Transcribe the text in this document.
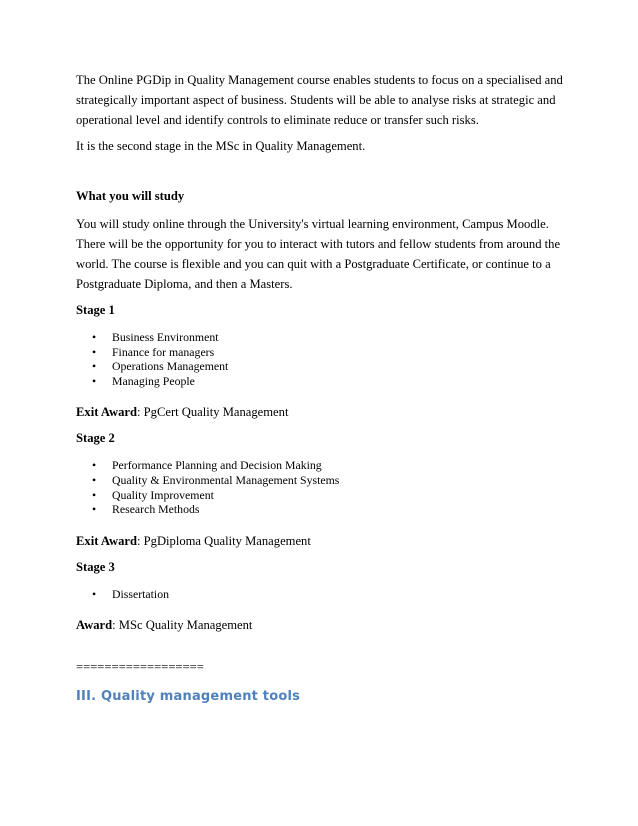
The Online PGDip in Quality Management course enables students to focus on a specialised and
strategically important aspect of business. Students will be able to analyse risks at strategic and
operational level and identify controls to eliminate reduce or transfer such risks.

It is the second stage in the MSc in Quality Management.

What you will study

You will study online through the University's virtual learning environment, Campus Moodle.
There will be the opportunity for you to interact with tutors and fellow students from around the
world. The course is flexible and you can quit with a Postgraduate Certificate, or continue to a
Postgraduate Diploma, and then a Masters.

Stage 1

• Business Environment
• Finance for managers
• Operations Management
• Managing People

Exit Award: PgCert Quality Management

Stage 2

• Performance Planning and Decision Making
• Quality & Environmental Management Systems
• Quality Improvement
• Research Methods

Exit Award: PgDiploma Quality Management

Stage 3

• Dissertation

Award: MSc Quality Management

==================

III. Quality management tools
